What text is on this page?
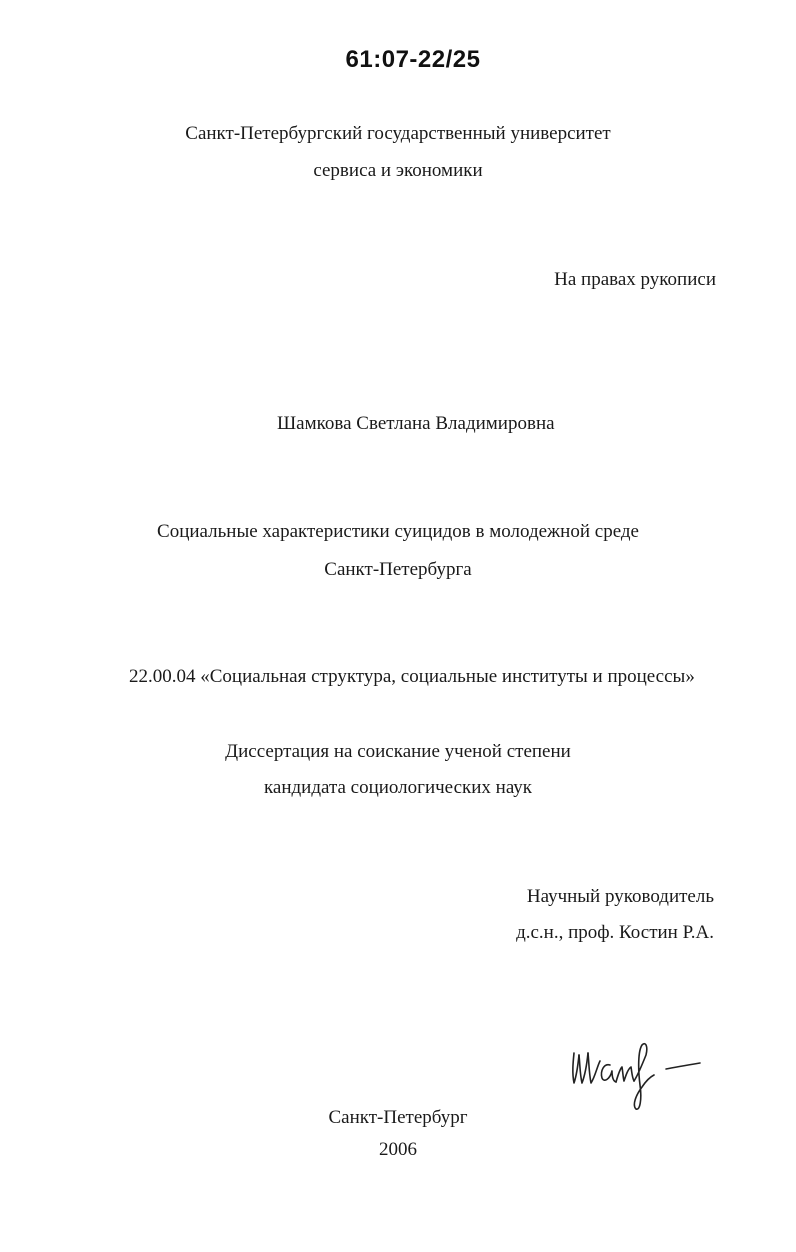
61:07-22/25
Санкт-Петербургский государственный университет
сервиса и экономики
На правах рукописи
Шамкова Светлана Владимировна
Социальные характеристики суицидов в молодежной среде
Санкт-Петербурга
22.00.04 «Социальная структура, социальные институты и процессы»
Диссертация на соискание ученой степени
кандидата социологических наук
Научный руководитель
д.с.н., проф. Костин Р.А.
Санкт-Петербург
2006
